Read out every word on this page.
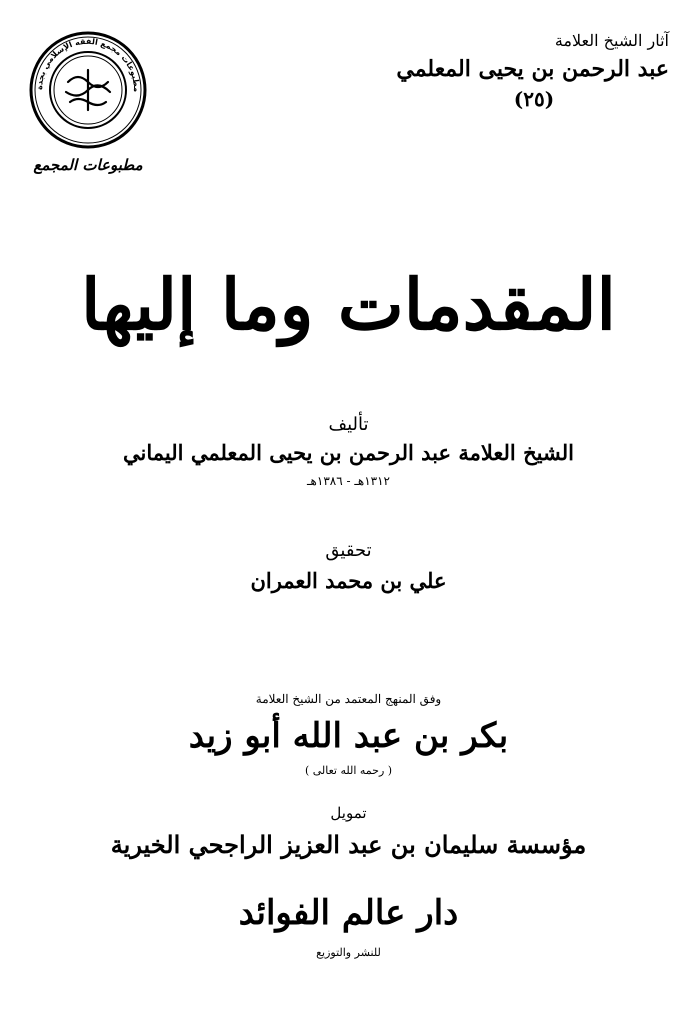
آثار الشيخ العلامة
عبد الرحمن بن يحيى المعلمي
(٢٥)
مطبوعات مجمع الفقه الإسلامي بجدة
مطبوعات المجمع
المقدمات وما إليها
تأليف
الشيخ العلامة عبد الرحمن بن يحيى المعلمي اليماني
١٣١٢هـ - ١٣٨٦هـ
تحقيق
علي بن محمد العمران
وفق المنهج المعتمد من الشيخ العلامة
بكر بن عبد الله أبو زيد
( رحمه الله تعالى )
تمويل
مؤسسة سليمان بن عبد العزيز الراجحي الخيرية
دار عالم الفوائد
للنشر والتوزيع
